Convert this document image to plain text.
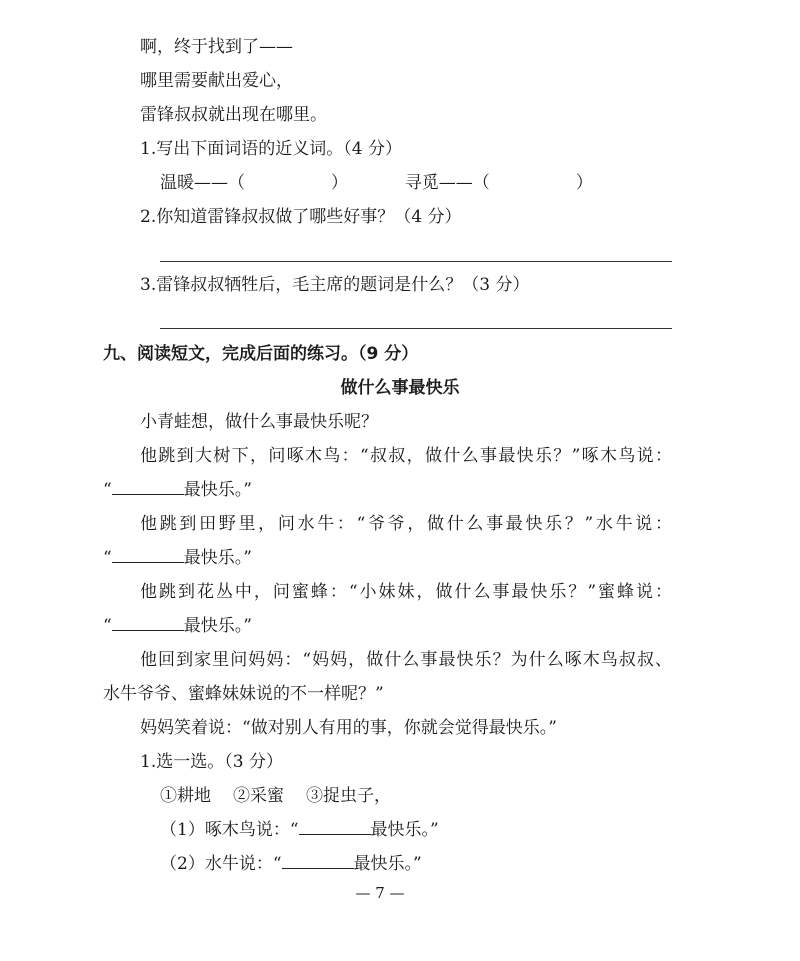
啊，终于找到了——
哪里需要献出爱心，
雷锋叔叔就出现在哪里。
1.写出下面词语的近义词。（4 分）
温暖——（	）	寻觅——（	）
2.你知道雷锋叔叔做了哪些好事？（4 分）
3.雷锋叔叔牺牲后，毛主席的题词是什么？（3 分）
九、阅读短文，完成后面的练习。（9 分）
做什么事最快乐
小青蛙想，做什么事最快乐呢？
他跳到大树下，问啄木鸟：“叔叔，做什么事最快乐？”啄木鸟说：
“	最快乐。”
他跳到田野里，问水牛：“爷爷，做什么事最快乐？”水牛说：
“	最快乐。”
他跳到花丛中，问蜜蜂：“小妹妹，做什么事最快乐？”蜜蜂说：
“	最快乐。”
他回到家里问妈妈：“妈妈，做什么事最快乐？为什么啄木鸟叔叔、
水牛爷爷、蜜蜂妹妹说的不一样呢？”
妈妈笑着说：“做对别人有用的事，你就会觉得最快乐。”
1.选一选。（3 分）
①耕地 ②采蜜 ③捉虫子，
（1）啄木鸟说：“	最快乐。”
（2）水牛说：“	最快乐。”
— 7 —
